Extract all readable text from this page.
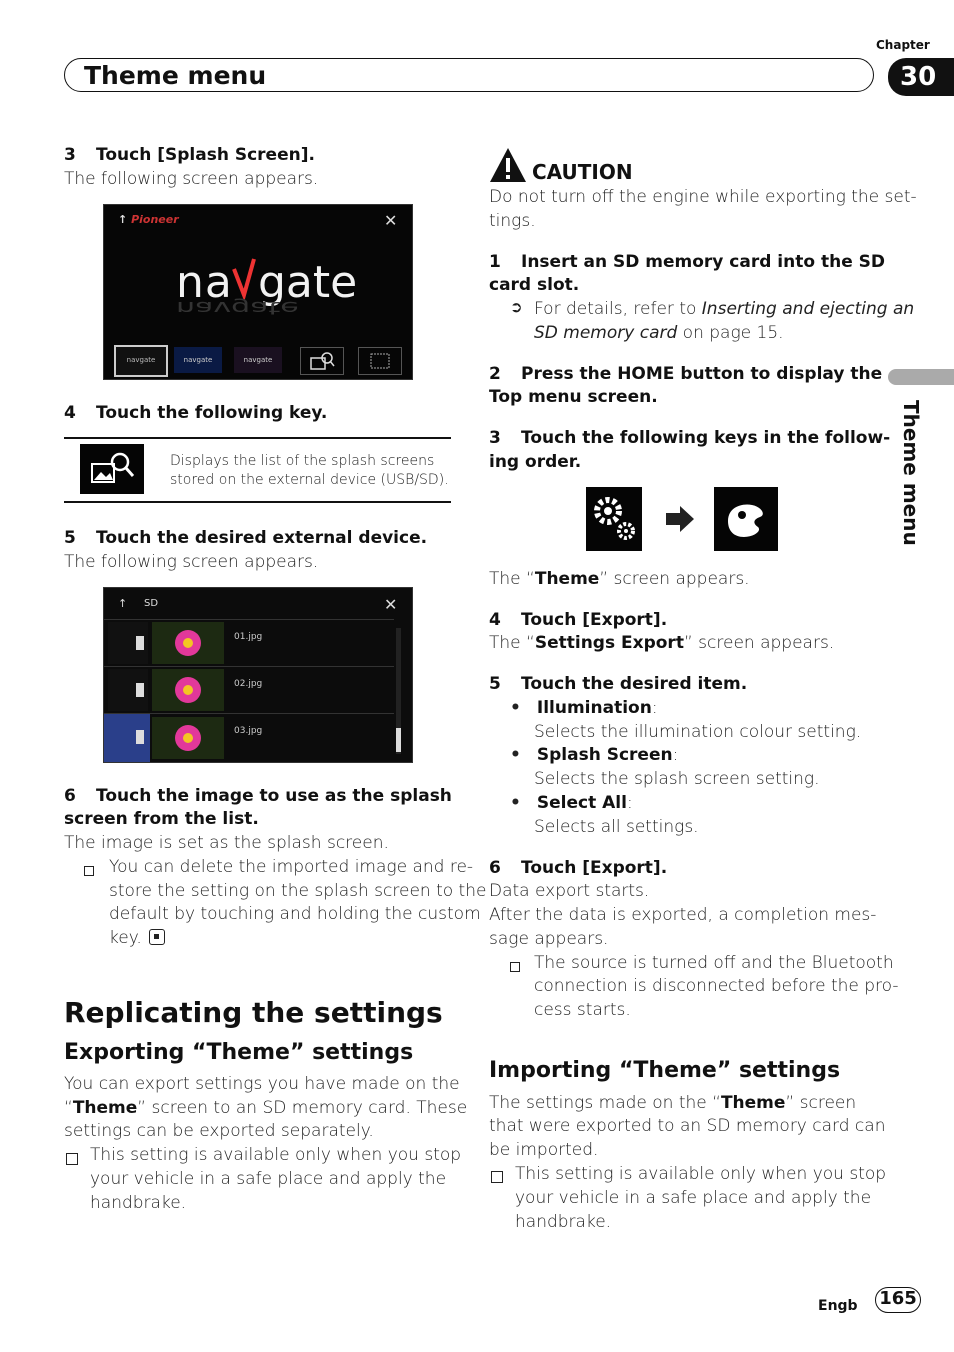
Chapter
Theme menu	30
Theme menu
3 Touch [Splash Screen].
The following screen appears.
↑ Pioneer	✕
na gate
navgate
navgate	navgate	navgate
4 Touch the following key.
Displays the list of the splash screens stored on the external device (USB/SD).
5 Touch the desired external device.
The following screen appears.
↑ SD	✕
01.jpg
02.jpg
03.jpg
6 Touch the image to use as the splash
screen from the list.
The image is set as the splash screen.
You can delete the imported image and re-
store the setting on the splash screen to the
default by touching and holding the custom
key.
Replicating the settings
Exporting “Theme” settings
You can export settings you have made on the
“Theme” screen to an SD memory card. These
settings can be exported separately.
This setting is available only when you stop
your vehicle in a safe place and apply the
handbrake.
CAUTION
Do not turn off the engine while exporting the set-
tings.
1 Insert an SD memory card into the SD
card slot.
➲ For details, refer to Inserting and ejecting an
SD memory card on page 15.
2 Press the HOME button to display the
Top menu screen.
3 Touch the following keys in the follow-
ing order.
The “Theme” screen appears.
4 Touch [Export].
The “Settings Export” screen appears.
5 Touch the desired item.
• Illumination:
Selects the illumination colour setting.
• Splash Screen:
Selects the splash screen setting.
• Select All:
Selects all settings.
6 Touch [Export].
Data export starts.
After the data is exported, a completion mes-
sage appears.
The source is turned off and the Bluetooth
connection is disconnected before the pro-
cess starts.
Importing “Theme” settings
The settings made on the “Theme” screen
that were exported to an SD memory card can
be imported.
This setting is available only when you stop
your vehicle in a safe place and apply the
handbrake.
Engb 165
